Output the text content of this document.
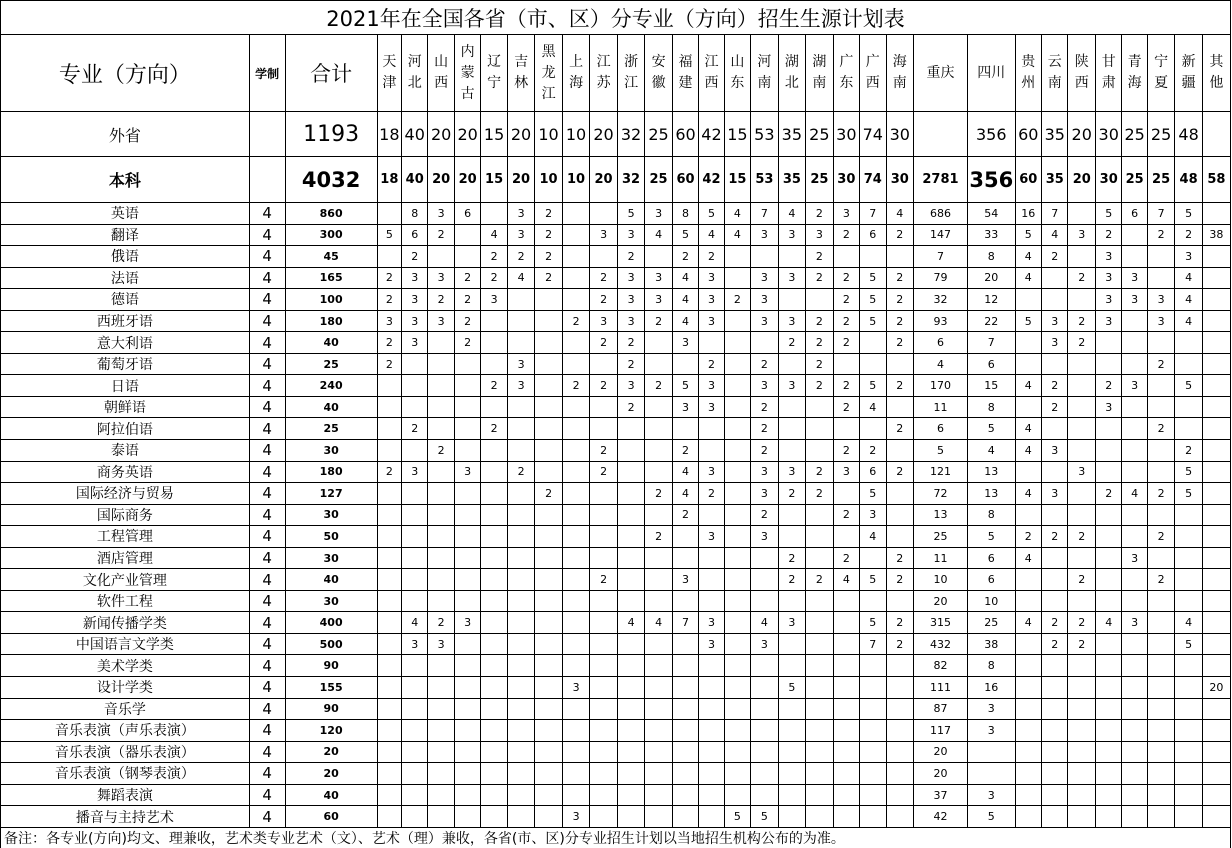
2021年在全国各省（市、区）分专业（方向）招生生源计划表																																
专业（方向）	学制	合计	天津	河北	山西	内蒙古	辽宁	吉林	黑龙江	上海	江苏	浙江	安徽	福建	江西	山东	河南	湖北	湖南	广东	广西	海南	重庆	四川	贵州	云南	陕西	甘肃	青海	宁夏	新疆	其他
外省		1193	18	40	20	20	15	20	10	10	20	32	25	60	42	15	53	35	25	30	74	30		356	60	35	20	30	25	25	48	
本科		4032	18	40	20	20	15	20	10	10	20	32	25	60	42	15	53	35	25	30	74	30	2781	356	60	35	20	30	25	25	48	58
英语	4	860		8	3	6		3	2			5	3	8	5	4	7	4	2	3	7	4	686	54	16	7		5	6	7	5	
翻译	4	300	5	6	2		4	3	2		3	3	4	5	4	4	3	3	3	2	6	2	147	33	5	4	3	2		2	2	38
俄语	4	45		2			2	2	2			2		2	2				2				7	8	4	2		3			3	
法语	4	165	2	3	3	2	2	4	2		2	3	3	4	3		3	3	2	2	5	2	79	20	4		2	3	3		4	
德语	4	100	2	3	2	2	3				2	3	3	4	3	2	3			2	5	2	32	12				3	3	3	4	
西班牙语	4	180	3	3	3	2				2	3	3	2	4	3		3	3	2	2	5	2	93	22	5	3	2	3		3	4	
意大利语	4	40	2	3		2					2	2		3				2	2	2		2	6	7		3	2					
葡萄牙语	4	25	2					3				2			2		2		2				4	6						2		
日语	4	240					2	3		2	2	3	2	5	3		3	3	2	2	5	2	170	15	4	2		2	3		5	
朝鲜语	4	40										2		3	3		2			2	4		11	8		2		3				
阿拉伯语	4	25		2			2										2					2	6	5	4					2		
泰语	4	30			2						2			2			2			2	2		5	4	4	3					2	
商务英语	4	180	2	3		3		2			2			4	3		3	3	2	3	6	2	121	13			3				5	
国际经济与贸易	4	127							2				2	4	2		3	2	2		5		72	13	4	3		2	4	2	5	
国际商务	4	30												2			2			2	3		13	8								
工程管理	4	50											2		3		3				4		25	5	2	2	2			2		
酒店管理	4	30																2		2		2	11	6	4				3			
文化产业管理	4	40									2			3				2	2	4	5	2	10	6			2			2		
软件工程	4	30																					20	10								
新闻传播学类	4	400		4	2	3						4	4	7	3		4	3			5	2	315	25	4	2	2	4	3		4	
中国语言文学类	4	500		3	3										3		3				7	2	432	38		2	2				5	
美术学类	4	90																					82	8								
设计学类	4	155								3								5					111	16								20
音乐学	4	90																					87	3								
音乐表演（声乐表演）	4	120																					117	3								
音乐表演（器乐表演）	4	20																					20									
音乐表演（钢琴表演）	4	20																					20									
舞蹈表演	4	40																					37	3								
播音与主持艺术	4	60								3						5	5						42	5								
备注：各专业(方向)均文、理兼收，艺术类专业艺术（文）、艺术（理）兼收，各省(市、区)分专业招生计划以当地招生机构公布的为准。																																
